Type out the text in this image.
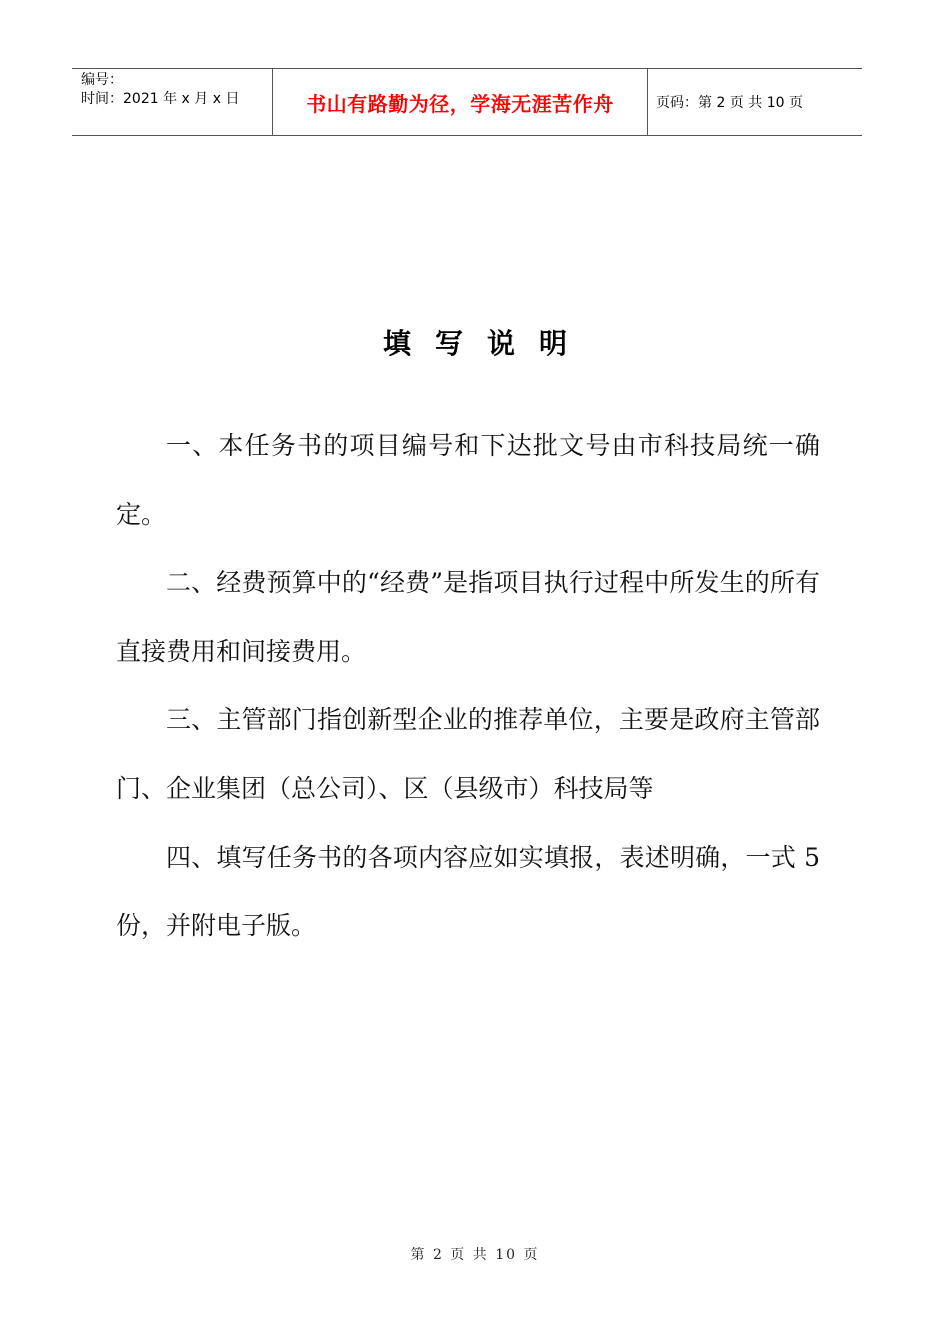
编号：
时间：2021 年 x 月 x 日	书山有路勤为径，学海无涯苦作舟	页码：第 2 页 共 10 页
填写说明

一、本任务书的项目编号和下达批文号由市科技局统一确定。

二、经费预算中的“经费”是指项目执行过程中所发生的所有直接费用和间接费用。

三、主管部门指创新型企业的推荐单位，主要是政府主管部门、企业集团（总公司）、区（县级市）科技局等

四、填写任务书的各项内容应如实填报，表述明确，一式 5 份，并附电子版。

第 2 页 共 10 页
